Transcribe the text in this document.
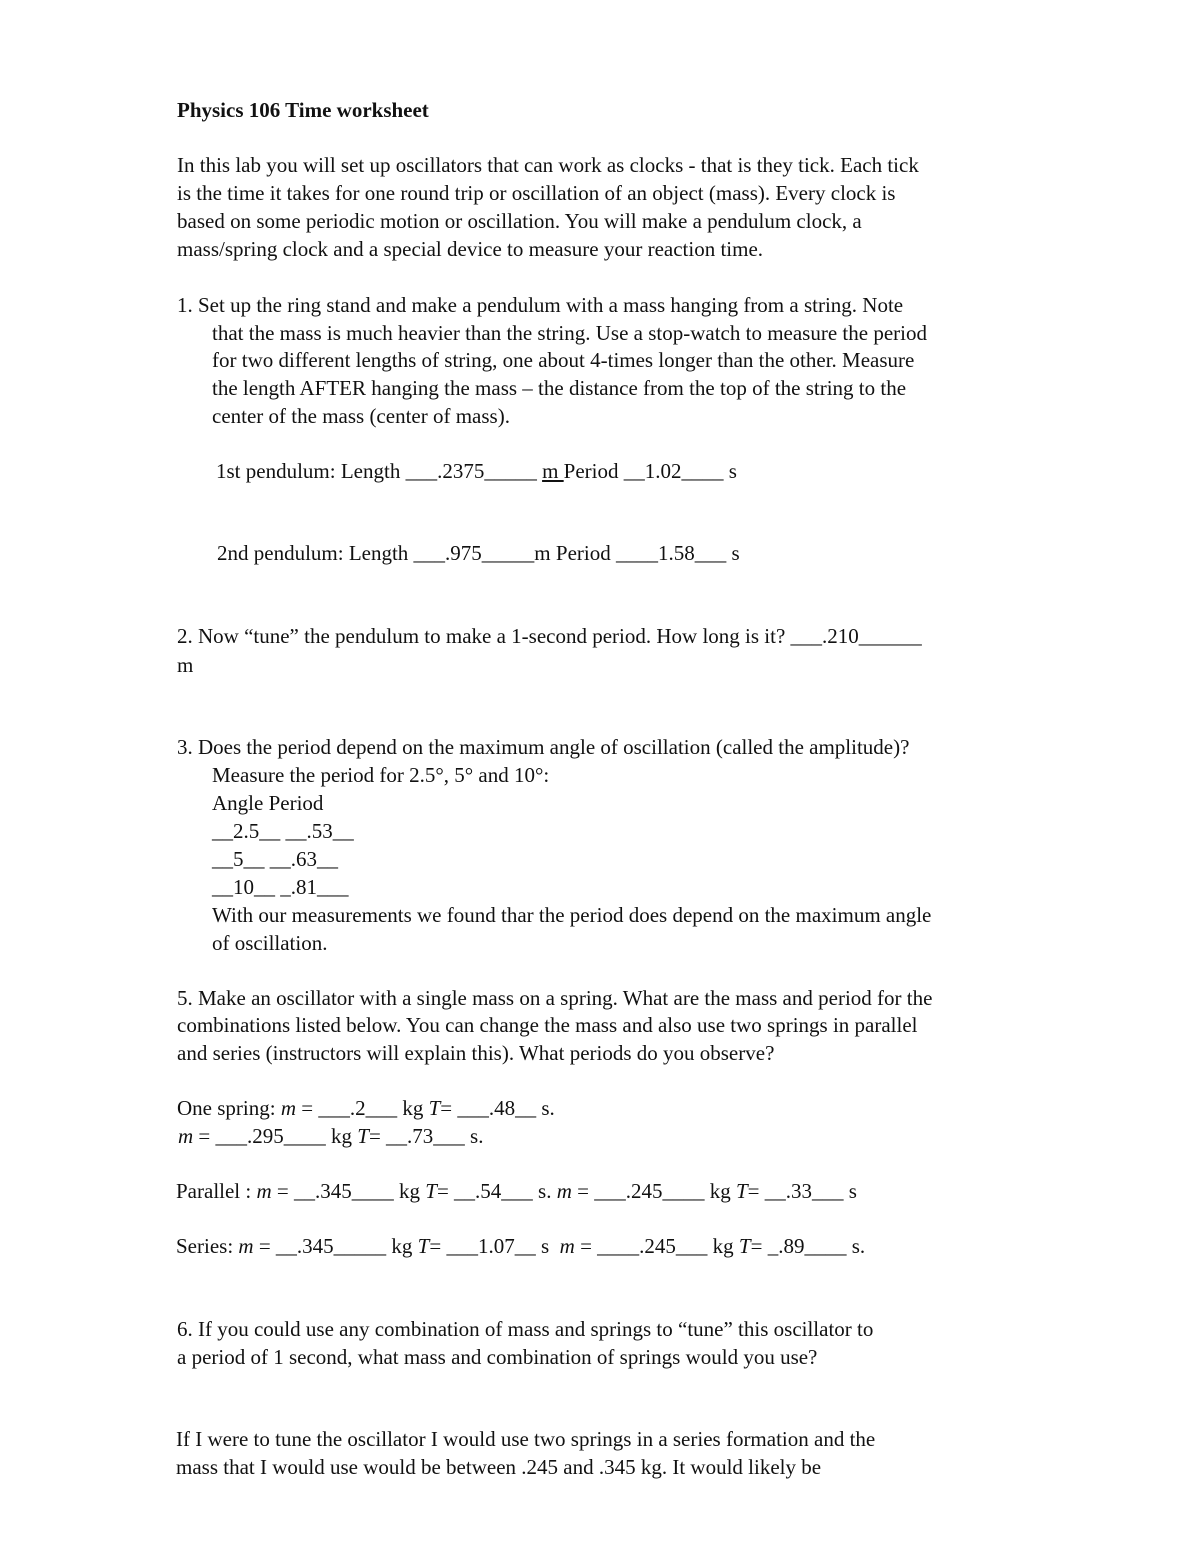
Physics 106 Time worksheet
In this lab you will set up oscillators that can work as clocks - that is they tick. Each tick
is the time it takes for one round trip or oscillation of an object (mass). Every clock is
based on some periodic motion or oscillation. You will make a pendulum clock, a
mass/spring clock and a special device to measure your reaction time.
1. Set up the ring stand and make a pendulum with a mass hanging from a string. Note
that the mass is much heavier than the string. Use a stop-watch to measure the period
for two different lengths of string, one about 4-times longer than the other. Measure
the length AFTER hanging the mass – the distance from the top of the string to the
center of the mass (center of mass).
1st pendulum: Length ___.2375_____ m Period __1.02____ s
2nd pendulum: Length ___.975_____m Period ____1.58___ s
2. Now “tune” the pendulum to make a 1-second period. How long is it? ___.210______
m
3. Does the period depend on the maximum angle of oscillation (called the amplitude)?
Measure the period for 2.5°, 5° and 10°:
Angle Period
__2.5__ __.53__
__5__ __.63__
__10__ _.81___
With our measurements we found thar the period does depend on the maximum angle
of oscillation.
5. Make an oscillator with a single mass on a spring. What are the mass and period for the
combinations listed below. You can change the mass and also use two springs in parallel
and series (instructors will explain this). What periods do you observe?
One spring: m = ___.2___ kg T= ___.48__ s.
m = ___.295____ kg T= __.73___ s.
Parallel : m = __.345____ kg T= __.54___ s. m = ___.245____ kg T= __.33___ s
Series: m = __.345_____ kg T= ___1.07__ s  m = ____.245___ kg T= _.89____ s.
6. If you could use any combination of mass and springs to “tune” this oscillator to
a period of 1 second, what mass and combination of springs would you use?
If I were to tune the oscillator I would use two springs in a series formation and the
mass that I would use would be between .245 and .345 kg. It would likely be
